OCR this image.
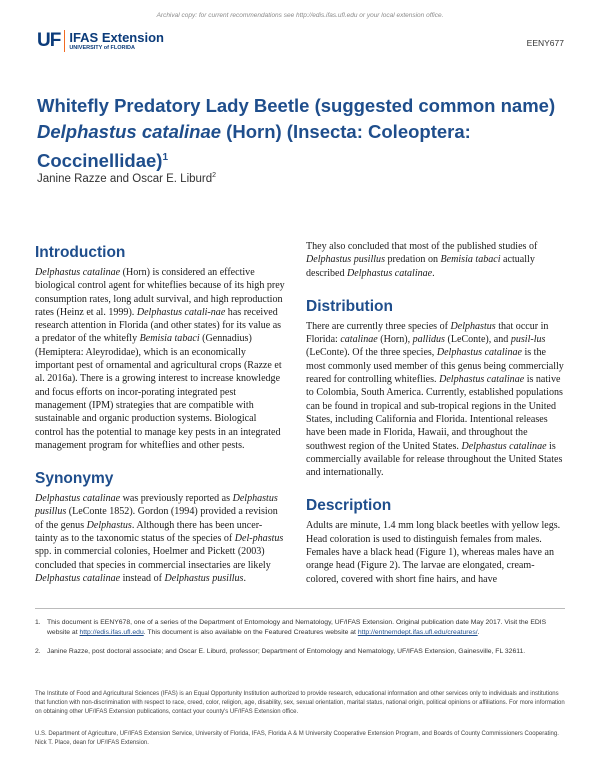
Archival copy: for current recommendations see http://edis.ifas.ufl.edu or your local extension office.
UF IFAS Extension
UNIVERSITY of FLORIDA	EENY677
Whitefly Predatory Lady Beetle (suggested common name) Delphastus catalinae (Horn) (Insecta: Coleoptera: Coccinellidae)$^1$
Janine Razze and Oscar E. Liburd$^2$
Introduction

Delphastus catalinae (Horn) is considered an effective biological control agent for whiteflies because of its high prey consumption rates, long adult survival, and high reproduction rates (Heinz et al. 1999). Delphastus catali-nae has received research attention in Florida (and other states) for its value as a predator of the whitefly Bemisia tabaci (Gennadius) (Hemiptera: Aleyrodidae), which is an economically important pest of ornamental and agricultural crops (Razze et al. 2016a). There is a growing interest to increase knowledge and focus efforts on incor-porating integrated pest management (IPM) strategies that are compatible with sustainable and organic production systems. Biological control has the potential to manage key pests in an integrated management program for whiteflies and other pests.

Synonymy

Delphastus catalinae was previously reported as Delphastus pusillus (LeConte 1852). Gordon (1994) provided a revision of the genus Delphastus. Although there has been uncer-tainty as to the taxonomic status of the species of Del-phastus spp. in commercial colonies, Hoelmer and Pickett (2003) concluded that species in commercial insectaries are likely Delphastus catalinae instead of Delphastus pusillus.

They also concluded that most of the published studies of Delphastus pusillus predation on Bemisia tabaci actually described Delphastus catalinae.

Distribution

There are currently three species of Delphastus that occur in Florida: catalinae (Horn), pallidus (LeConte), and pusil-lus (LeConte). Of the three species, Delphastus catalinae is the most commonly used member of this genus being commercially reared for controlling whiteflies. Delphastus catalinae is native to Colombia, South America. Currently, established populations can be found in tropical and sub-tropical regions in the United States, including California and Florida. Intentional releases have been made in Florida, Hawaii, and throughout the southwest region of the United States. Delphastus catalinae is commercially available for release throughout the United States and internationally.

Description

Adults are minute, 1.4 mm long black beetles with yellow legs. Head coloration is used to distinguish females from males. Females have a black head (Figure 1), whereas males have an orange head (Figure 2). The larvae are elongated, cream-colored, covered with short fine hairs, and have

1. This document is EENY678, one of a series of the Department of Entomology and Nematology, UF/IFAS Extension. Original publication date May 2017. Visit the EDIS website at http://edis.ifas.ufl.edu. This document is also available on the Featured Creatures website at http://entnemdept.ifas.ufl.edu/creatures/.
2. Janine Razze, post doctoral associate; and Oscar E. Liburd, professor; Department of Entomology and Nematology, UF/IFAS Extension, Gainesville, FL 32611.
The Institute of Food and Agricultural Sciences (IFAS) is an Equal Opportunity Institution authorized to provide research, educational information and other services only to individuals and institutions that function with non-discrimination with respect to race, creed, color, religion, age, disability, sex, sexual orientation, marital status, national origin, political opinions or affiliations. For more information on obtaining other UF/IFAS Extension publications, contact your county's UF/IFAS Extension office.
U.S. Department of Agriculture, UF/IFAS Extension Service, University of Florida, IFAS, Florida A & M University Cooperative Extension Program, and Boards of County Commissioners Cooperating. Nick T. Place, dean for UF/IFAS Extension.
